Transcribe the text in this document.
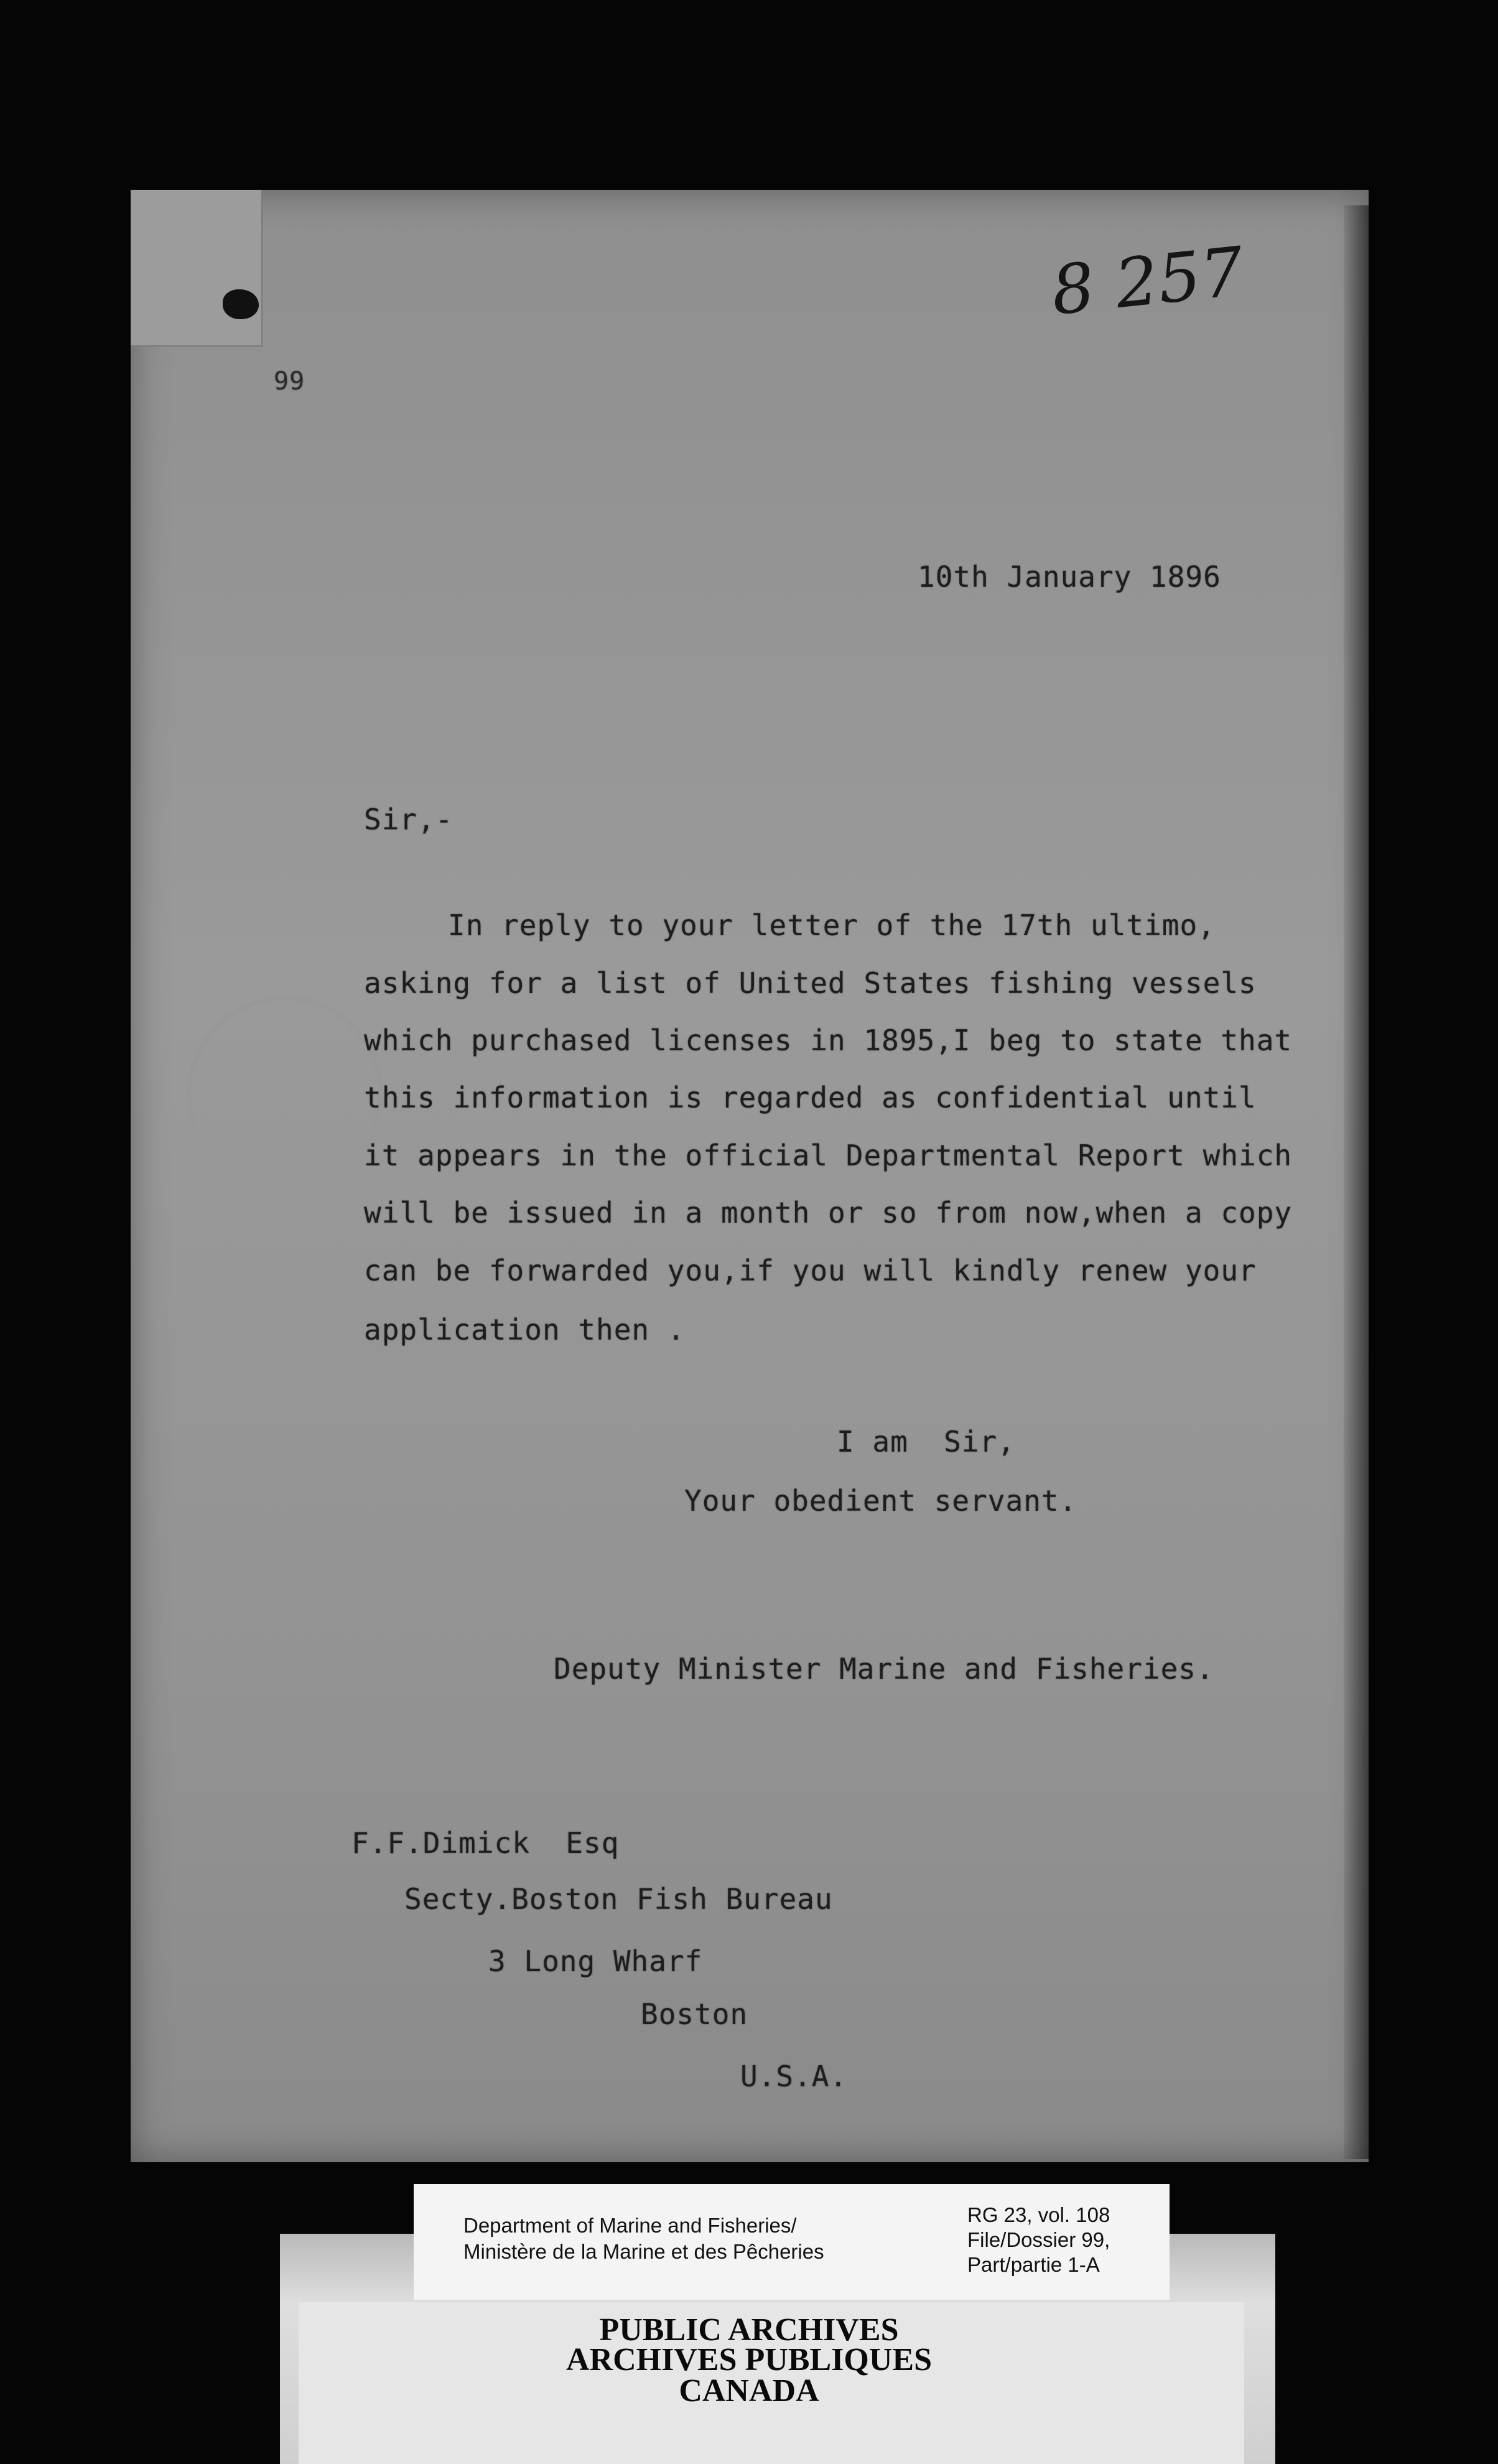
99
8 257
10th January 1896
Sir,-
In reply to your letter of the 17th ultimo,
asking for a list of United States fishing vessels
which purchased licenses in 1895,I beg to state that
this information is regarded as confidential until
it appears in the official Departmental Report which
will be issued in a month or so from now,when a copy
can be forwarded you,if you will kindly renew your
application then .
I am  Sir,
Your obedient servant.
Deputy Minister Marine and Fisheries.
F.F.Dimick  Esq
Secty.Boston Fish Bureau
3 Long Wharf
Boston
U.S.A.
Department of Marine and Fisheries/
Ministère de la Marine et des Pêcheries
RG 23, vol. 108
File/Dossier 99,
Part/partie 1-A
PUBLIC ARCHIVES
ARCHIVES PUBLIQUES
CANADA
